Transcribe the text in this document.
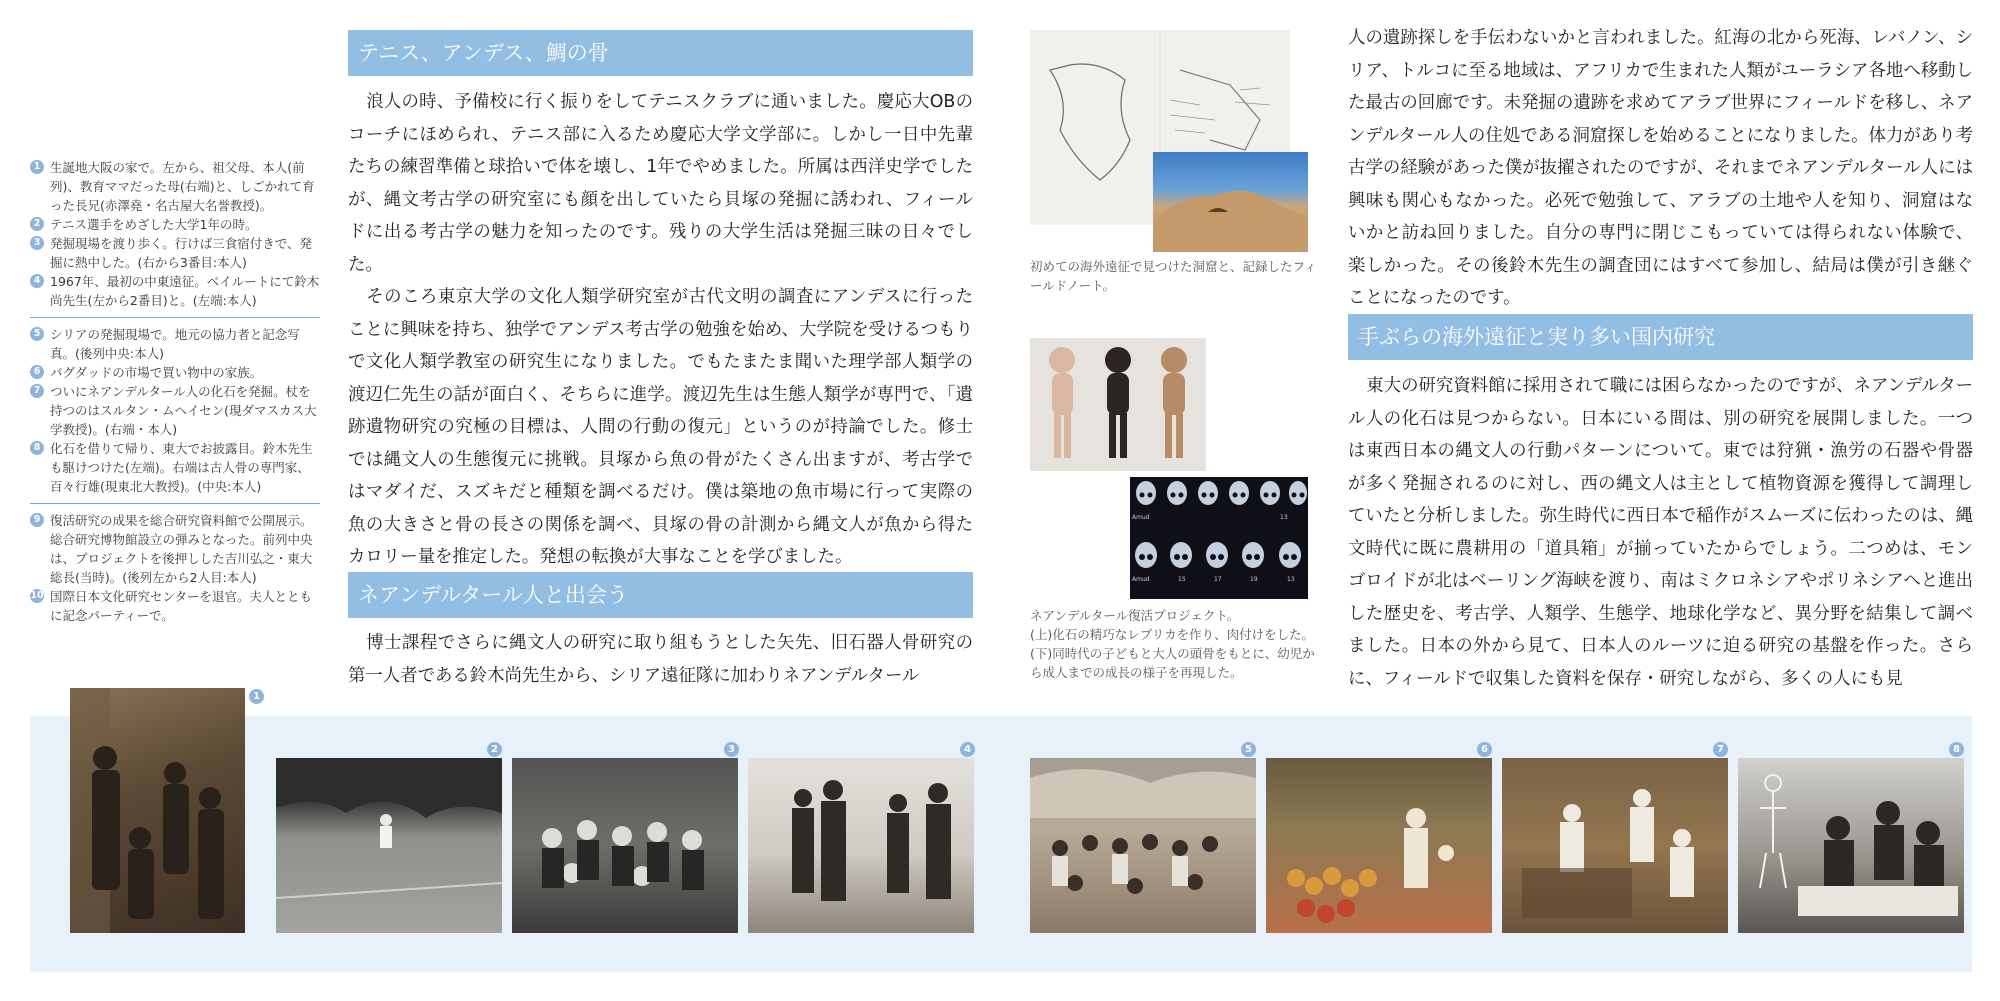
1 生誕地大阪の家で。左から、祖父母、本人(前列)、教育ママだった母(右端)と、しごかれて育った長兄(赤澤堯・名古屋大名誉教授)。
2 テニス選手をめざした大学1年の時。
3 発掘現場を渡り歩く。行けば三食宿付きで、発掘に熱中した。(右から3番目:本人)
4 1967年、最初の中東遠征。ベイルートにて鈴木尚先生(左から2番目)と。(左端:本人)
5 シリアの発掘現場で。地元の協力者と記念写真。(後列中央:本人)
6 バグダッドの市場で買い物中の家族。
7 ついにネアンデルタール人の化石を発掘。杖を持つのはスルタン・ムヘイセン(現ダマスカス大学教授)。(右端・本人)
8 化石を借りて帰り、東大でお披露目。鈴木先生も駆けつけた(左端)。右端は古人骨の専門家、百々行雄(現東北大教授)。(中央:本人)
9 復活研究の成果を総合研究資料館で公開展示。総合研究博物館設立の弾みとなった。前列中央は、プロジェクトを後押しした吉川弘之・東大総長(当時)。(後列左から2人目:本人)
10 国際日本文化研究センターを退官。夫人とともに記念パーティーで。
テニス、アンデス、鯛の骨

浪人の時、予備校に行く振りをしてテニスクラブに通いました。慶応大OBのコーチにほめられ、テニス部に入るため慶応大学文学部に。しかし一日中先輩たちの練習準備と球拾いで体を壊し、1年でやめました。所属は西洋史学でしたが、縄文考古学の研究室にも顔を出していたら貝塚の発掘に誘われ、フィールドに出る考古学の魅力を知ったのです。残りの大学生活は発掘三昧の日々でした。

そのころ東京大学の文化人類学研究室が古代文明の調査にアンデスに行ったことに興味を持ち、独学でアンデス考古学の勉強を始め、大学院を受けるつもりで文化人類学教室の研究生になりました。でもたまたま聞いた理学部人類学の渡辺仁先生の話が面白く、そちらに進学。渡辺先生は生態人類学が専門で、「遺跡遺物研究の究極の目標は、人間の行動の復元」というのが持論でした。修士では縄文人の生態復元に挑戦。貝塚から魚の骨がたくさん出ますが、考古学ではマダイだ、スズキだと種類を調べるだけ。僕は築地の魚市場に行って実際の魚の大きさと骨の長さの関係を調べ、貝塚の骨の計測から縄文人が魚から得たカロリー量を推定した。発想の転換が大事なことを学びました。

ネアンデルタール人と出会う

博士課程でさらに縄文人の研究に取り組もうとした矢先、旧石器人骨研究の第一人者である鈴木尚先生から、シリア遠征隊に加わりネアンデルタール

初めての海外遠征で見つけた洞窟と、記録したフィールドノート。
Amud	13
Amud	15	17	19	13
ネアンデルタール復活プロジェクト。
(上)化石の精巧なレプリカを作り、肉付けをした。
(下)同時代の子どもと大人の頭骨をもとに、幼児から成人までの成長の様子を再現した。

人の遺跡探しを手伝わないかと言われました。紅海の北から死海、レバノン、シリア、トルコに至る地域は、アフリカで生まれた人類がユーラシア各地へ移動した最古の回廊です。未発掘の遺跡を求めてアラブ世界にフィールドを移し、ネアンデルタール人の住処である洞窟探しを始めることになりました。体力があり考古学の経験があった僕が抜擢されたのですが、それまでネアンデルタール人には興味も関心もなかった。必死で勉強して、アラブの土地や人を知り、洞窟はないかと訪ね回りました。自分の専門に閉じこもっていては得られない体験で、楽しかった。その後鈴木先生の調査団にはすべて参加し、結局は僕が引き継ぐことになったのです。

手ぶらの海外遠征と実り多い国内研究

東大の研究資料館に採用されて職には困らなかったのですが、ネアンデルタール人の化石は見つからない。日本にいる間は、別の研究を展開しました。一つは東西日本の縄文人の行動パターンについて。東では狩猟・漁労の石器や骨器が多く発掘されるのに対し、西の縄文人は主として植物資源を獲得して調理していたと分析しました。弥生時代に西日本で稲作がスムーズに伝わったのは、縄文時代に既に農耕用の「道具箱」が揃っていたからでしょう。二つめは、モンゴロイドが北はベーリング海峡を渡り、南はミクロネシアやポリネシアへと進出した歴史を、考古学、人類学、生態学、地球化学など、異分野を結集して調べました。日本の外から見て、日本人のルーツに迫る研究の基盤を作った。さらに、フィールドで収集した資料を保存・研究しながら、多くの人にも見

1
2	3	4	5	6	7	8
